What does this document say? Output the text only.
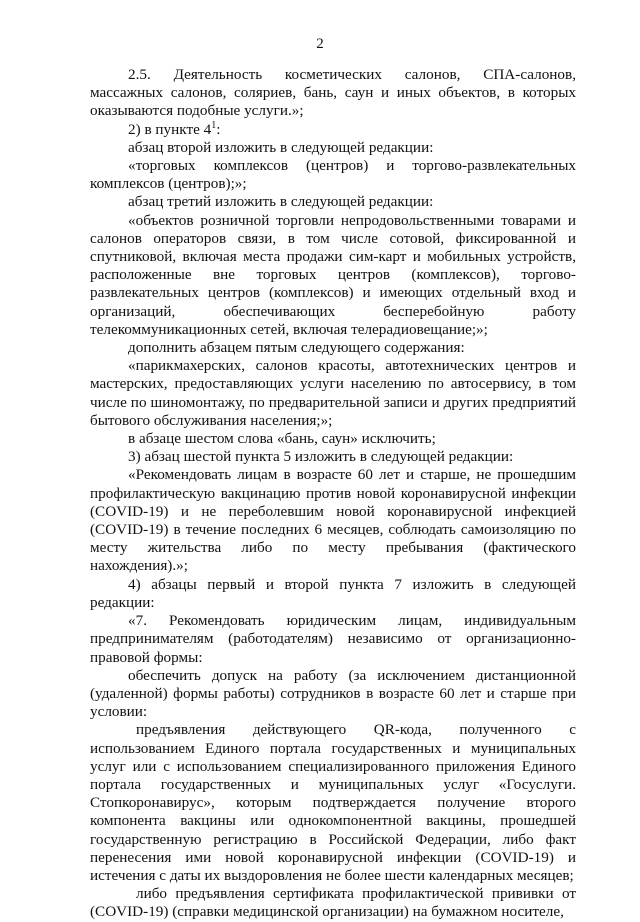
2

2.5. Деятельность косметических салонов, СПА-салонов, массажных салонов, соляриев, бань, саун и иных объектов, в которых оказываются подобные услуги.»;

2) в пункте $4^1$:

абзац второй изложить в следующей редакции:

«торговых комплексов (центров) и торгово-развлекательных комплексов (центров);»;

абзац третий изложить в следующей редакции:

«объектов розничной торговли непродовольственными товарами и салонов операторов связи, в том числе сотовой, фиксированной и спутниковой, включая места продажи сим-карт и мобильных устройств, расположенные вне торговых центров (комплексов), торгово-развлекательных центров (комплексов) и имеющих отдельный вход и организаций, обеспечивающих бесперебойную работу телекоммуникационных сетей, включая телерадиовещание;»;

дополнить абзацем пятым следующего содержания:

«парикмахерских, салонов красоты, автотехнических центров и мастерских, предоставляющих услуги населению по автосервису, в том числе по шиномонтажу, по предварительной записи и других предприятий бытового обслуживания населения;»;

в абзаце шестом слова «бань, саун» исключить;

3) абзац шестой пункта 5 изложить в следующей редакции:

«Рекомендовать лицам в возрасте 60 лет и старше, не прошедшим профилактическую вакцинацию против новой коронавирусной инфекции (COVID-19) и не переболевшим новой коронавирусной инфекцией (COVID-19) в течение последних 6 месяцев, соблюдать самоизоляцию по месту жительства либо по месту пребывания (фактического нахождения).»;

4) абзацы первый и второй пункта 7 изложить в следующей редакции:

«7. Рекомендовать юридическим лицам, индивидуальным предпринимателям (работодателям) независимо от организационно-правовой формы:

обеспечить допуск на работу (за исключением дистанционной (удаленной) формы работы) сотрудников в возрасте 60 лет и старше при условии:

предъявления действующего QR-кода, полученного с использованием Единого портала государственных и муниципальных услуг или с использованием специализированного приложения Единого портала государственных и муниципальных услуг «Госуслуги. Стопкоронавирус», которым подтверждается получение второго компонента вакцины или однокомпонентной вакцины, прошедшей государственную регистрацию в Российской Федерации, либо факт перенесения ими новой коронавирусной инфекции (COVID-19) и истечения с даты их выздоровления не более шести календарных месяцев;

либо предъявления сертификата профилактической прививки от (COVID-19) (справки медицинской организации) на бумажном носителе,
